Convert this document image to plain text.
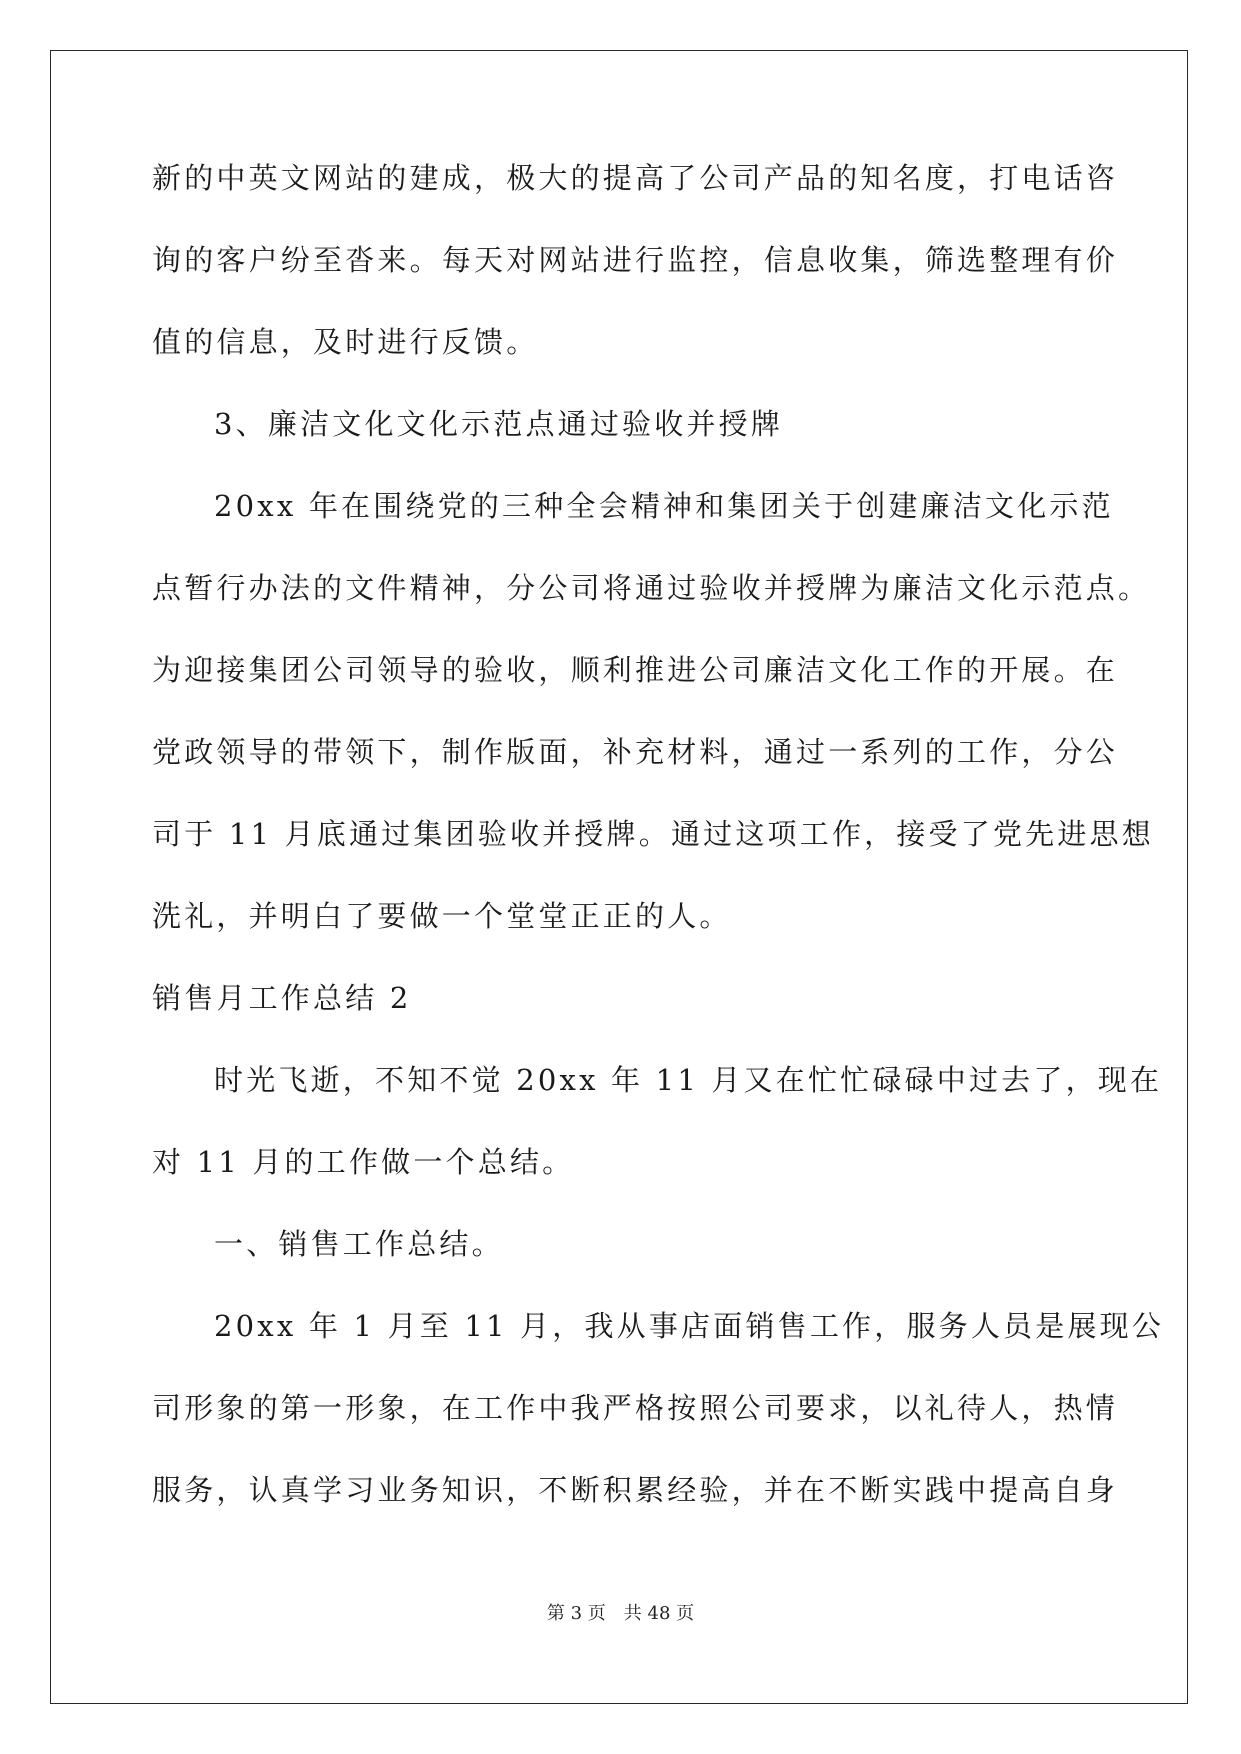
新的中英文网站的建成，极大的提高了公司产品的知名度，打电话咨
询的客户纷至沓来。每天对网站进行监控，信息收集，筛选整理有价
值的信息，及时进行反馈。
3、廉洁文化文化示范点通过验收并授牌
20xx 年在围绕党的三种全会精神和集团关于创建廉洁文化示范
点暂行办法的文件精神，分公司将通过验收并授牌为廉洁文化示范点。
为迎接集团公司领导的验收，顺利推进公司廉洁文化工作的开展。在
党政领导的带领下，制作版面，补充材料，通过一系列的工作，分公
司于 11 月底通过集团验收并授牌。通过这项工作，接受了党先进思想
洗礼，并明白了要做一个堂堂正正的人。
销售月工作总结 2
时光飞逝，不知不觉 20xx 年 11 月又在忙忙碌碌中过去了，现在
对 11 月的工作做一个总结。
一、销售工作总结。
20xx 年 1 月至 11 月，我从事店面销售工作，服务人员是展现公
司形象的第一形象，在工作中我严格按照公司要求，以礼待人，热情
服务，认真学习业务知识，不断积累经验，并在不断实践中提高自身
第 3 页 共 48 页
